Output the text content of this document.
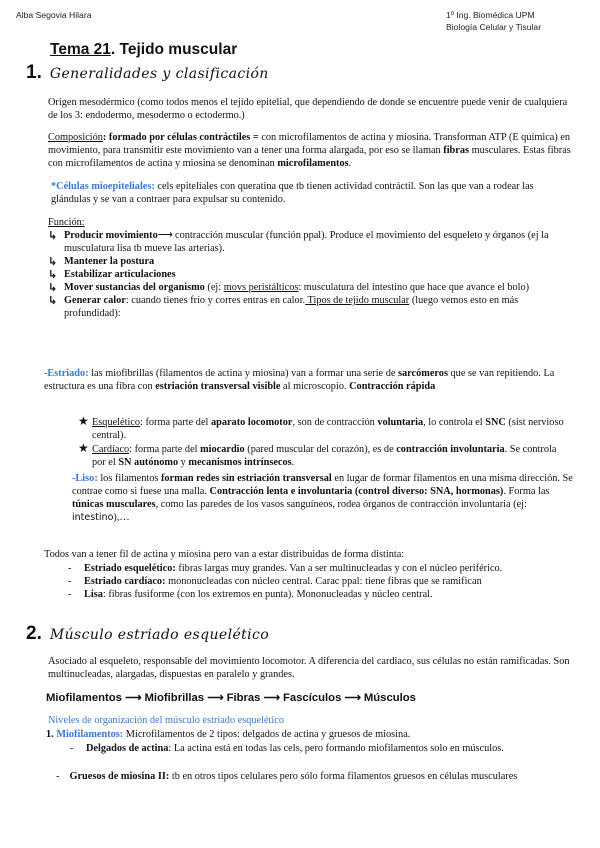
Alba Segovia Hilara	1º Ing. Biomédica UPM
Biología Celular y Tisular
Tema 21. Tejido muscular
1. Generalidades y clasificación

Origen mesodérmico (como todos menos el tejido epitelial, que dependiendo de donde se encuentre puede venir de cualquiera de los 3: endodermo, mesodermo o ectodermo.)

Composición: formado por células contráctiles = con microfilamentos de actina y miosina. Transforman ATP (E química) en movimiento, para transmitir este movimiento van a tener una forma alargada, por eso se llaman fibras musculares. Estas fibras con microfilamentos de actina y miosina se denominan microfilamentos.

*Células mioepiteliales: cels epiteliales con queratina que tb tienen actividad contráctil. Son las que van a rodear las glándulas y se van a contraer para expulsar su contenido.

Función:

↳ Producir movimiento⟶ contracción muscular (función ppal). Produce el movimiento del esqueleto y órganos (ej la musculatura lisa tb mueve las arterias).
↳ Mantener la postura
↳ Estabilizar articulaciones
↳ Mover sustancias del organismo (ej: movs peristálticos: musculatura del intestino que hace que avance el bolo)
↳ Generar calor: cuando tienes frío y corres entras en calor. Tipos de tejido muscular (luego vemos esto en más profundidad):
-Estriado: las miofibrillas (filamentos de actina y miosina) van a formar una serie de sarcómeros que se van repitiendo. La estructura es una fibra con estriación transversal visible al microscopio. Contracción rápida
★ Esquelético: forma parte del aparato locomotor, son de contracción voluntaria, lo controla el SNC (sist nervioso central).
★ Cardíaco: forma parte del miocardio (pared muscular del corazón), es de contracción involuntaria. Se controla por el SN autónomo y mecanismos intrínsecos.
-Liso: los filamentos forman redes sin estriación transversal en lugar de formar filamentos en una misma dirección. Se contrae como si fuese una malla. Contracción lenta e involuntaria (control diverso: SNA, hormonas). Forma las túnicas musculares, como las paredes de los vasos sanguíneos, rodea órganos de contracción involuntaria (ej: intestino),…
Todos van a tener fil de actina y miosina pero van a estar distribuidas de forma distinta:
- Estriado esquelético: fibras largas muy grandes. Van a ser multinucleadas y con el núcleo periférico.
- Estriado cardíaco: mononucleadas con núcleo central. Carac ppal: tiene fibras que se ramifican
- Lisa: fibras fusiforme (con los extremos en punta). Mononucleadas y núcleo central.
2. Músculo estriado esquelético
Asociado al esqueleto, responsable del movimiento locomotor. A diferencia del cardiaco, sus células no están ramificadas. Son multinucleadas, alargadas, dispuestas en paralelo y grandes.
Miofilamentos ⟶ Miofibrillas ⟶ Fibras ⟶ Fascículos ⟶ Músculos
Niveles de organización del músculo estriado esquelético
1. Miofilamentos: Microfilamentos de 2 tipos: delgados de actina y gruesos de miosina.
- Delgados de actina: La actina está en todas las cels, pero formando miofilamentos solo en músculos.
- Gruesos de miosina II: tb en otros tipos celulares pero sólo forma filamentos gruesos en células musculares
